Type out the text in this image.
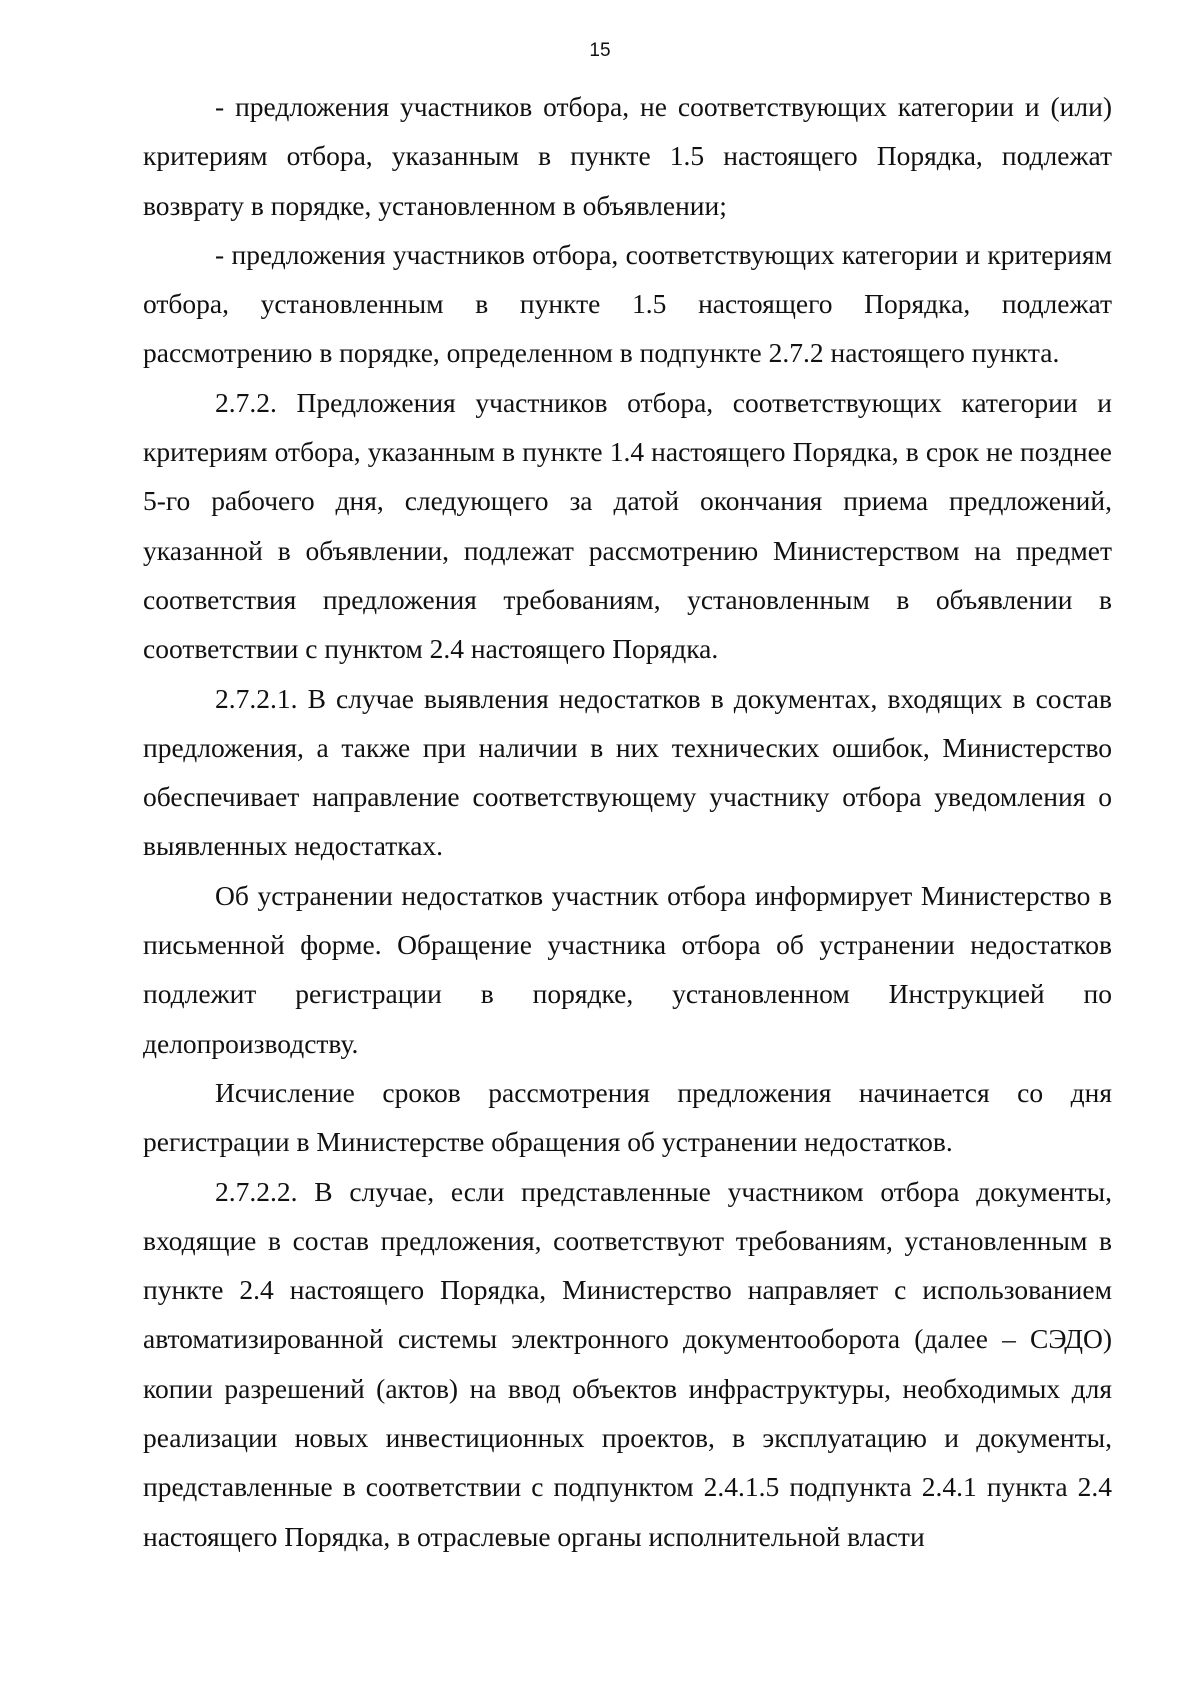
15

- предложения участников отбора, не соответствующих категории и (или) критериям отбора, указанным в пункте 1.5 настоящего Порядка, подлежат возврату в порядке, установленном в объявлении;

- предложения участников отбора, соответствующих категории и критериям отбора, установленным в пункте 1.5 настоящего Порядка, подлежат рассмотрению в порядке, определенном в подпункте 2.7.2 настоящего пункта.

2.7.2. Предложения участников отбора, соответствующих категории и критериям отбора, указанным в пункте 1.4 настоящего Порядка, в срок не позднее 5-го рабочего дня, следующего за датой окончания приема предложений, указанной в объявлении, подлежат рассмотрению Министерством на предмет соответствия предложения требованиям, установленным в объявлении в соответствии с пунктом 2.4 настоящего Порядка.

2.7.2.1. В случае выявления недостатков в документах, входящих в состав предложения, а также при наличии в них технических ошибок, Министерство обеспечивает направление соответствующему участнику отбора уведомления о выявленных недостатках.

Об устранении недостатков участник отбора информирует Министерство в письменной форме. Обращение участника отбора об устранении недостатков подлежит регистрации в порядке, установленном Инструкцией по делопроизводству.

Исчисление сроков рассмотрения предложения начинается со дня регистрации в Министерстве обращения об устранении недостатков.

2.7.2.2. В случае, если представленные участником отбора документы, входящие в состав предложения, соответствуют требованиям, установленным в пункте 2.4 настоящего Порядка, Министерство направляет с использованием автоматизированной системы электронного документооборота (далее – СЭДО) копии разрешений (актов) на ввод объектов инфраструктуры, необходимых для реализации новых инвестиционных проектов, в эксплуатацию и документы, представленные в соответствии с подпунктом 2.4.1.5 подпункта 2.4.1 пункта 2.4 настоящего Порядка, в отраслевые органы исполнительной власти
